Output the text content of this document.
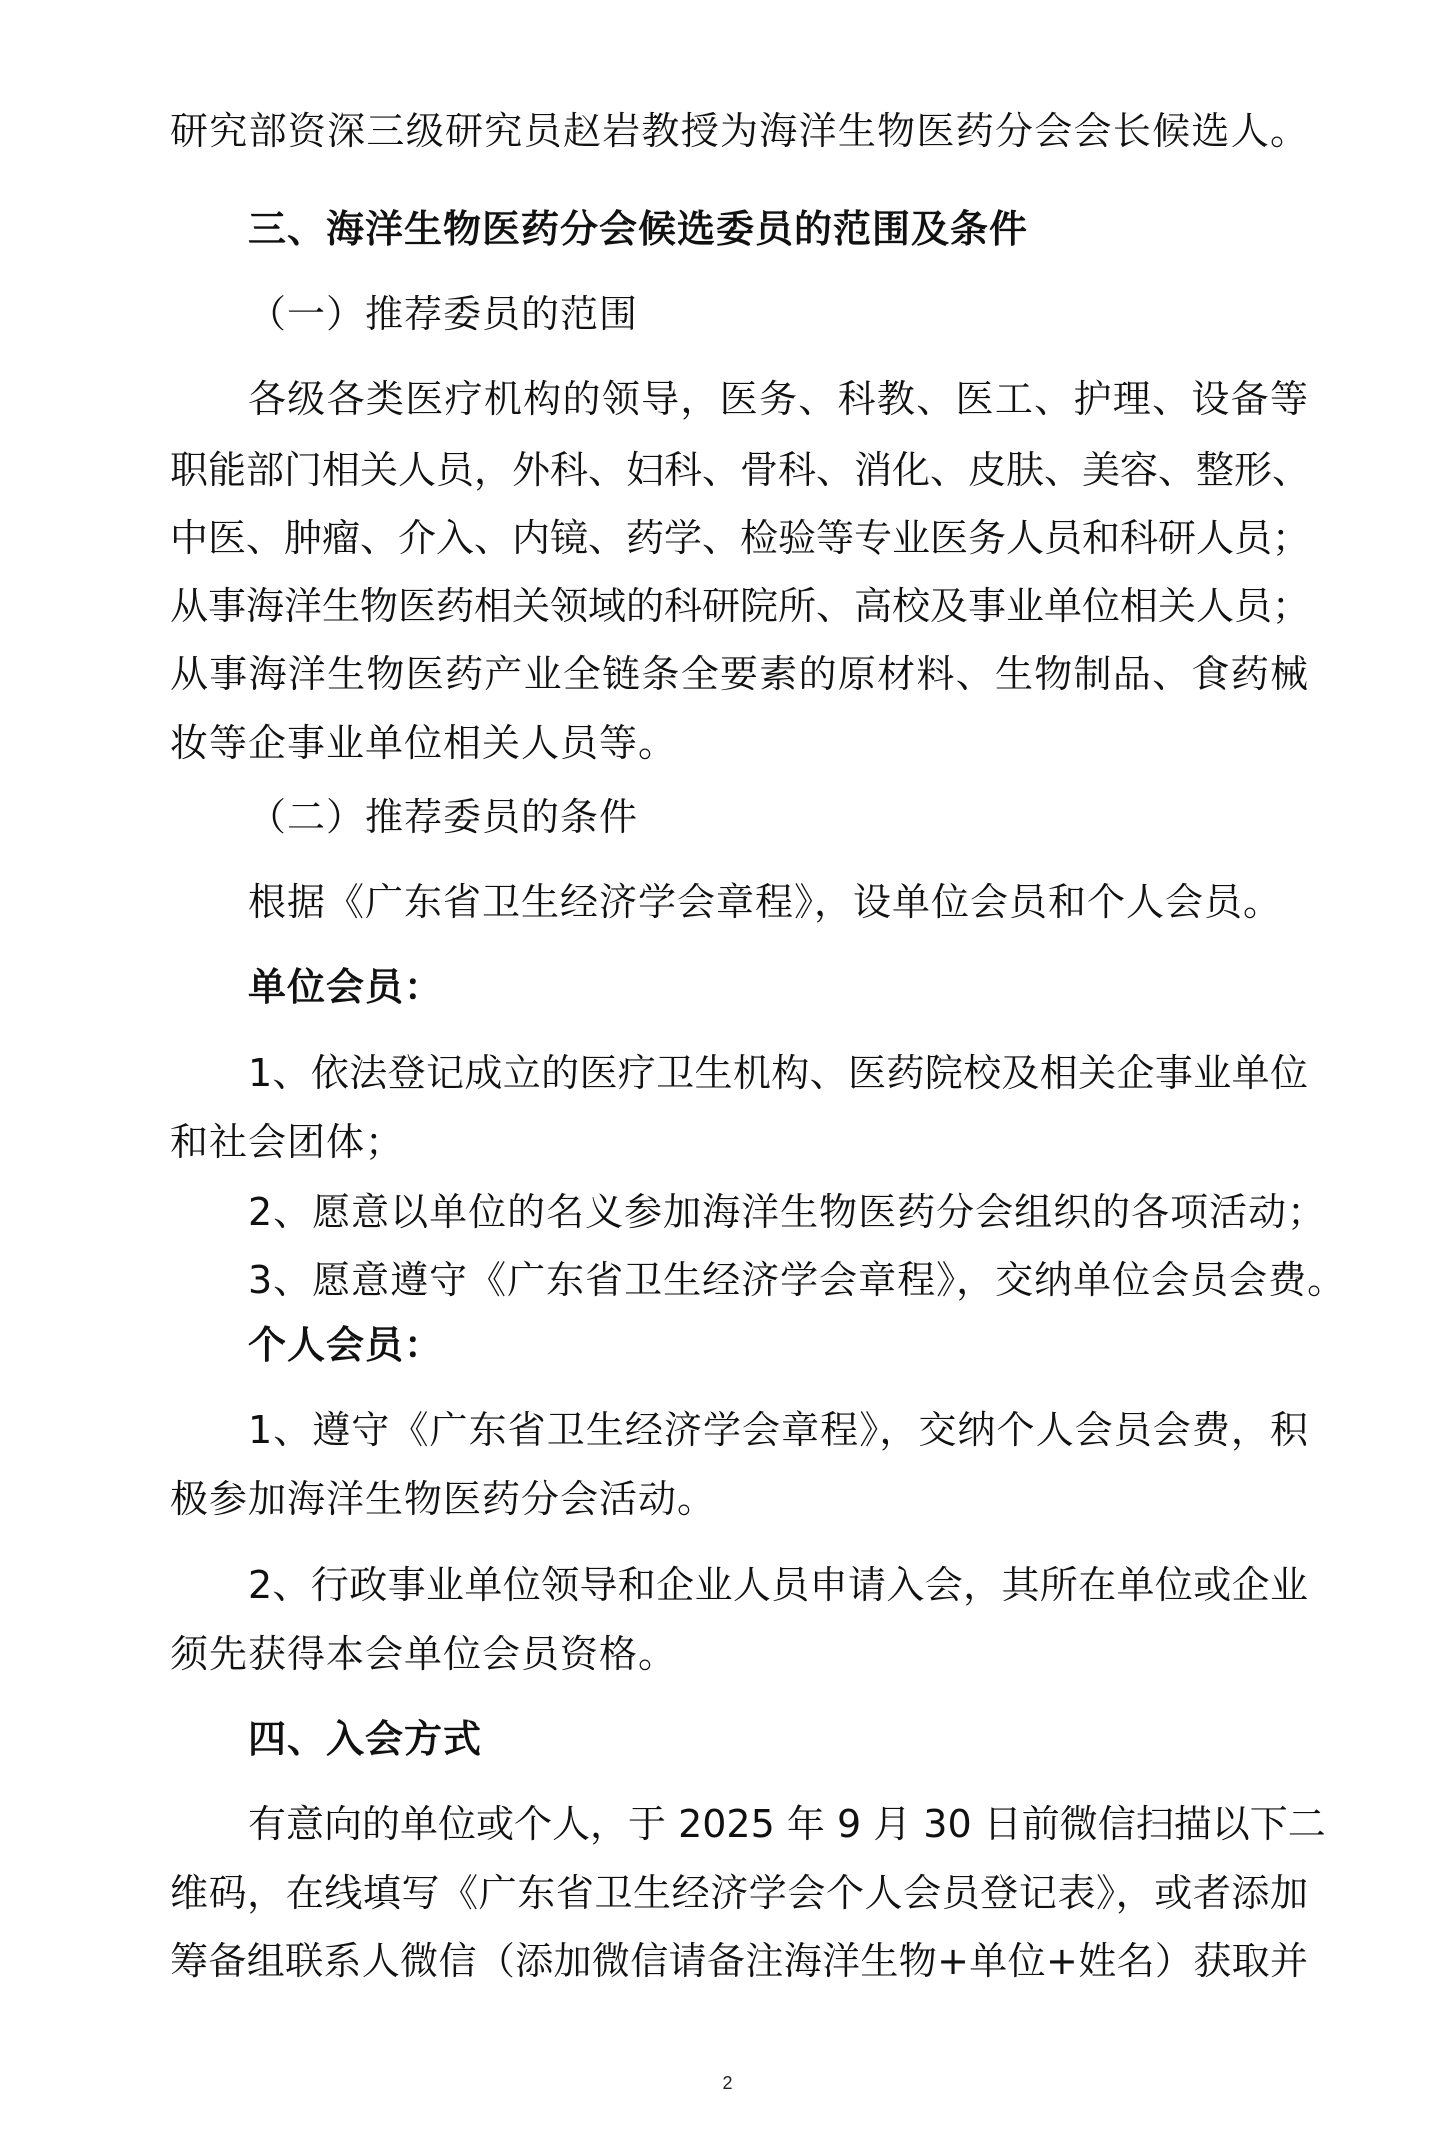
研究部资深三级研究员赵岩教授为海洋生物医药分会会长候选人。
三、海洋生物医药分会候选委员的范围及条件
（一）推荐委员的范围
各级各类医疗机构的领导，医务、科教、医工、护理、设备等
职能部门相关人员，外科、妇科、骨科、消化、皮肤、美容、整形、
中医、肿瘤、介入、内镜、药学、检验等专业医务人员和科研人员；
从事海洋生物医药相关领域的科研院所、高校及事业单位相关人员；
从事海洋生物医药产业全链条全要素的原材料、生物制品、食药械
妆等企事业单位相关人员等。
（二）推荐委员的条件
根据《广东省卫生经济学会章程》，设单位会员和个人会员。
单位会员：
1、依法登记成立的医疗卫生机构、医药院校及相关企事业单位
和社会团体；
2、愿意以单位的名义参加海洋生物医药分会组织的各项活动；
3、愿意遵守《广东省卫生经济学会章程》，交纳单位会员会费。
个人会员：
1、遵守《广东省卫生经济学会章程》，交纳个人会员会费，积
极参加海洋生物医药分会活动。
2、行政事业单位领导和企业人员申请入会，其所在单位或企业
须先获得本会单位会员资格。
四、入会方式
有意向的单位或个人，于 2025 年 9 月 30 日前微信扫描以下二
维码，在线填写《广东省卫生经济学会个人会员登记表》，或者添加
筹备组联系人微信（添加微信请备注海洋生物+单位+姓名）获取并
2
